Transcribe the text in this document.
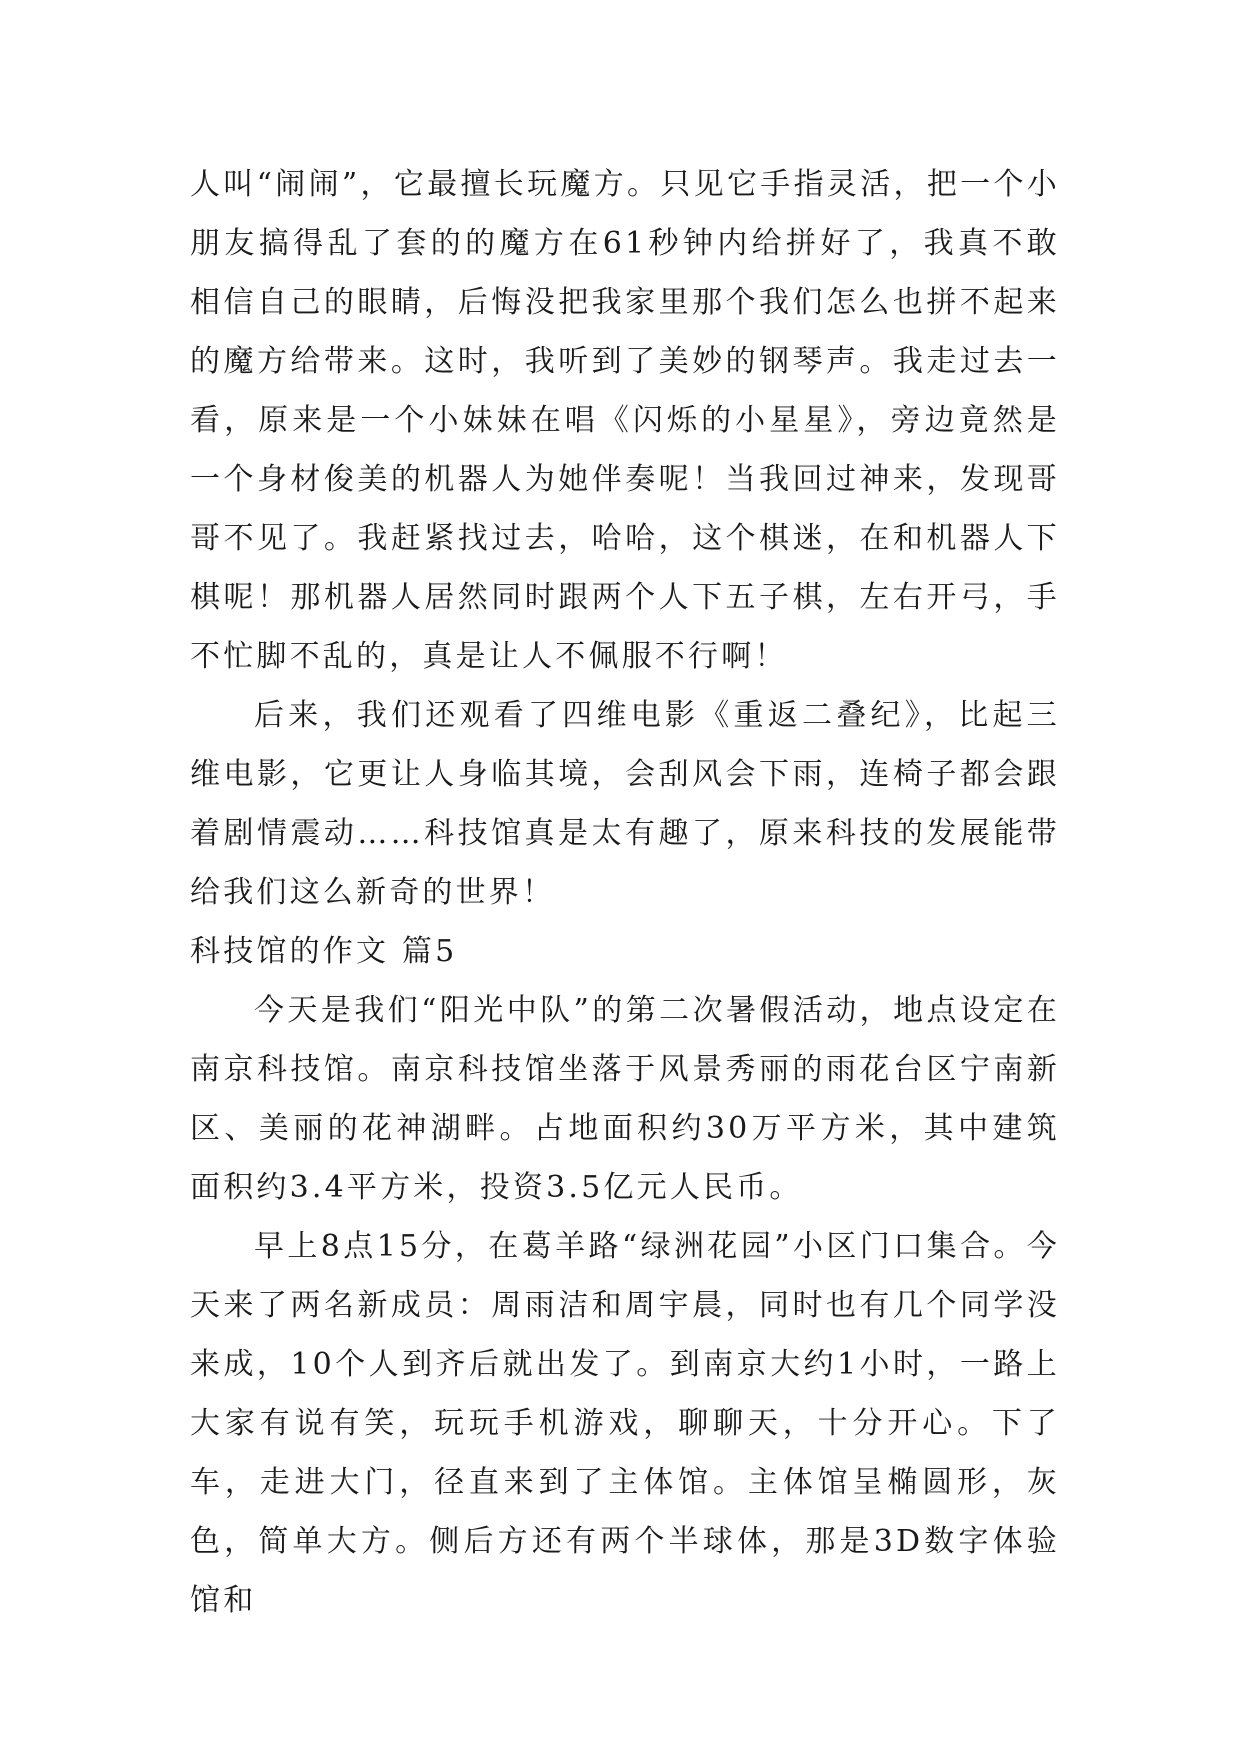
人叫“闹闹”，它最擅长玩魔方。只见它手指灵活，把一个小朋友搞得乱了套的的魔方在61秒钟内给拼好了，我真不敢相信自己的眼睛，后悔没把我家里那个我们怎么也拼不起来的魔方给带来。这时，我听到了美妙的钢琴声。我走过去一看，原来是一个小妹妹在唱《闪烁的小星星》，旁边竟然是一个身材俊美的机器人为她伴奏呢！当我回过神来，发现哥哥不见了。我赶紧找过去，哈哈，这个棋迷，在和机器人下棋呢！那机器人居然同时跟两个人下五子棋，左右开弓，手不忙脚不乱的，真是让人不佩服不行啊！

后来，我们还观看了四维电影《重返二叠纪》，比起三维电影，它更让人身临其境，会刮风会下雨，连椅子都会跟着剧情震动……科技馆真是太有趣了，原来科技的发展能带给我们这么新奇的世界！

科技馆的作文 篇5

今天是我们“阳光中队”的第二次暑假活动，地点设定在南京科技馆。南京科技馆坐落于风景秀丽的雨花台区宁南新区、美丽的花神湖畔。占地面积约30万平方米，其中建筑面积约3.4平方米，投资3.5亿元人民币。

早上8点15分，在葛羊路“绿洲花园”小区门口集合。今天来了两名新成员：周雨洁和周宇晨，同时也有几个同学没来成，10个人到齐后就出发了。到南京大约1小时，一路上大家有说有笑，玩玩手机游戏，聊聊天，十分开心。下了车，走进大门，径直来到了主体馆。主体馆呈椭圆形，灰色，简单大方。侧后方还有两个半球体，那是3D数字体验馆和
